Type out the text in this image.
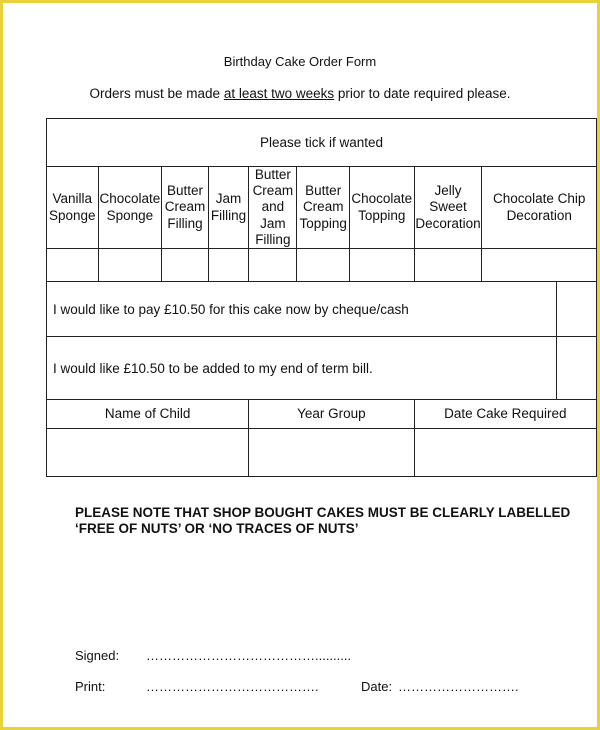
Birthday Cake Order Form
Orders must be made at least two weeks prior to date required please.
Please tick if wanted									
Vanilla Sponge	Chocolate Sponge	Butter Cream Filling	Jam Filling	Butter Cream and Jam Filling	Butter Cream Topping	Chocolate Topping	Jelly Sweet Decoration	Chocolate Chip Decoration	

I would like to pay £10.50 for this cake now by cheque/cash									
I would like £10.50 to be added to my end of term bill.									
Name of Child				Year Group			Date Cake Required		

PLEASE NOTE THAT SHOP BOUGHT CAKES MUST BE CLEARLY LABELLED
‘FREE OF NUTS’ OR ‘NO TRACES OF NUTS’
Signed: …………………………………..........
Print:	………………………………….	Date: ……………………….
